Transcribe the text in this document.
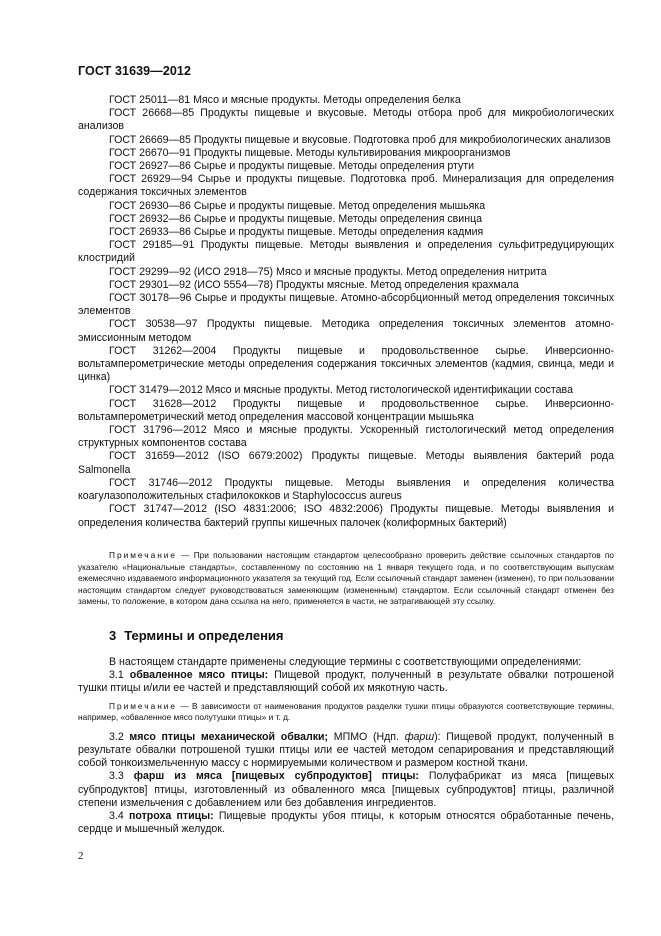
ГОСТ 31639—2012

ГОСТ 25011—81 Мясо и мясные продукты. Методы определения белка

ГОСТ 26668—85 Продукты пищевые и вкусовые. Методы отбора проб для микробиологических анализов

ГОСТ 26669—85 Продукты пищевые и вкусовые. Подготовка проб для микробиологических анализов

ГОСТ 26670—91 Продукты пищевые. Методы культивирования микроорганизмов

ГОСТ 26927—86 Сырье и продукты пищевые. Методы определения ртути

ГОСТ 26929—94 Сырье и продукты пищевые. Подготовка проб. Минерализация для определения содержания токсичных элементов

ГОСТ 26930—86 Сырье и продукты пищевые. Метод определения мышьяка

ГОСТ 26932—86 Сырье и продукты пищевые. Методы определения свинца

ГОСТ 26933—86 Сырье и продукты пищевые. Методы определения кадмия

ГОСТ 29185—91 Продукты пищевые. Методы выявления и определения сульфитредуцирующих клостридий

ГОСТ 29299—92 (ИСО 2918—75) Мясо и мясные продукты. Метод определения нитрита

ГОСТ 29301—92 (ИСО 5554—78) Продукты мясные. Метод определения крахмала

ГОСТ 30178—96 Сырье и продукты пищевые. Атомно-абсорбционный метод определения токсичных элементов

ГОСТ 30538—97 Продукты пищевые. Методика определения токсичных элементов атомно-эмиссионным методом

ГОСТ 31262—2004 Продукты пищевые и продовольственное сырье. Инверсионно-вольтамперометрические методы определения содержания токсичных элементов (кадмия, свинца, меди и цинка)

ГОСТ 31479—2012 Мясо и мясные продукты. Метод гистологической идентификации состава

ГОСТ 31628—2012 Продукты пищевые и продовольственное сырье. Инверсионно-вольтамперометрический метод определения массовой концентрации мышьяка

ГОСТ 31796—2012 Мясо и мясные продукты. Ускоренный гистологический метод определения структурных компонентов состава

ГОСТ 31659—2012 (ISO 6679:2002) Продукты пищевые. Методы выявления бактерий рода Salmonella

ГОСТ 31746—2012 Продукты пищевые. Методы выявления и определения количества коагулазоположительных стафилококков и Staphylococcus aureus

ГОСТ 31747—2012 (ISO 4831:2006; ISO 4832:2006) Продукты пищевые. Методы выявления и определения количества бактерий группы кишечных палочек (колиформных бактерий)

Примечание — При пользовании настоящим стандартом целесообразно проверить действие ссылочных стандартов по указателю «Национальные стандарты», составленному по состоянию на 1 января текущего года, и по соответствующим выпускам ежемесячно издаваемого информационного указателя за текущий год. Если ссылочный стандарт заменен (изменен), то при пользовании настоящим стандартом следует руководствоваться заменяющим (измененным) стандартом. Если ссылочный стандарт отменен без замены, то положение, в котором дана ссылка на него, применяется в части, не затрагивающей эту ссылку.

3 Термины и определения

В настоящем стандарте применены следующие термины с соответствующими определениями:

3.1 обваленное мясо птицы: Пищевой продукт, полученный в результате обвалки потрошеной тушки птицы и/или ее частей и представляющий собой их мякотную часть.

Примечание — В зависимости от наименования продуктов разделки тушки птицы образуются соответствующие термины, например, «обваленное мясо полутушки птицы» и т. д.

3.2 мясо птицы механической обвалки; МПМО (Ндп. фарш): Пищевой продукт, полученный в результате обвалки потрошеной тушки птицы или ее частей методом сепарирования и представляющий собой тонкоизмельченную массу с нормируемыми количеством и размером костной ткани.

3.3 фарш из мяса [пищевых субпродуктов] птицы: Полуфабрикат из мяса [пищевых субпродуктов] птицы, изготовленный из обваленного мяса [пищевых субпродуктов] птицы, различной степени измельчения с добавлением или без добавления ингредиентов.

3.4 потроха птицы: Пищевые продукты убоя птицы, к которым относятся обработанные печень, сердце и мышечный желудок.

2
